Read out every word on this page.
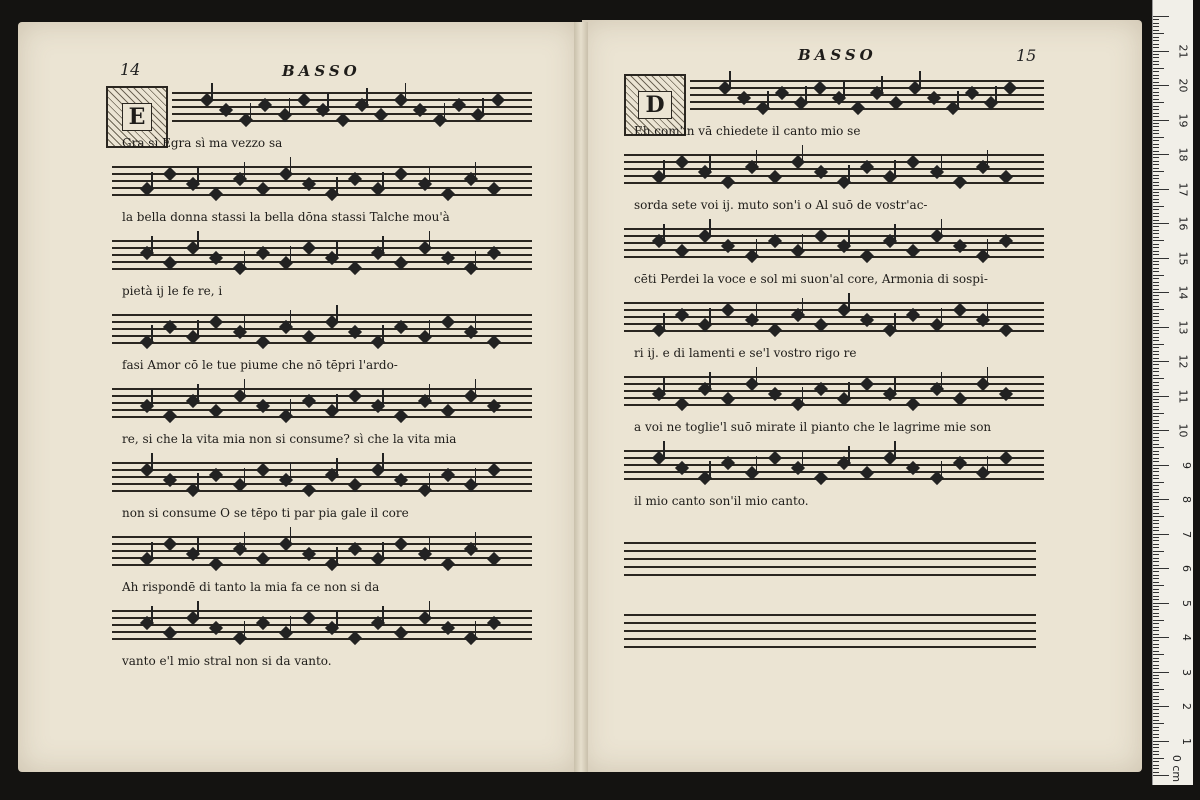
14	BASSO
E
15
BASSO
D
Gra sì Egra sì ma vezzo sa
la bella donna stassi la bella dōna stassi Talche mou'à
pietà ij le fe re, i
fasi Amor cō le tue piume che nō tēpri l'ardo-
re, si che la vita mia non si consume? sì che la vita mia
non si consume O se tēpo ti par pia gale il core
Ah rispondē di tanto la mia fa ce non si da
vanto e'l mio stral non si da vanto.
Eh com'in vā chiedete il canto mio se
sorda sete voi ij. muto son'i o Al suō de vostr'ac-
cēti Perdei la voce e sol mi suon'al core, Armonia di sospi-
ri ij. e di lamenti e se'l vostro rigo re
a voi ne toglie'l suō mirate il pianto che le lagrime mie son
il mio canto son'il mio canto.
0 cm
1
2
3
4
5
6
7
8
9
10
11
12
13
14
15
16
17
18
19
20
21
